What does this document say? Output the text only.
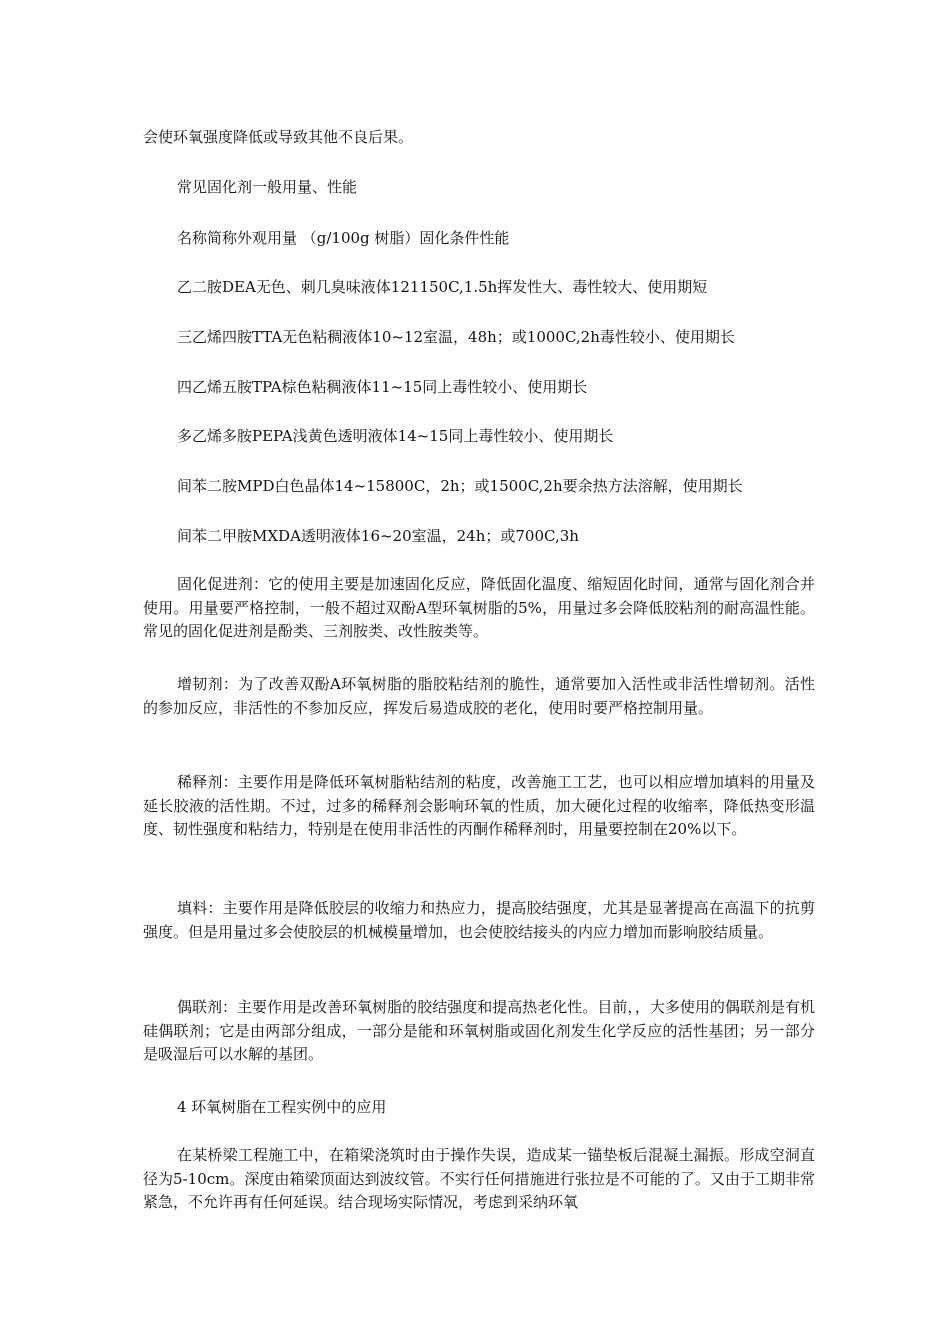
会使环氧强度降低或导致其他不良后果。
常见固化剂一般用量、性能
名称简称外观用量 （g/100g 树脂）固化条件性能
乙二胺DEA无色、刺几臭味液体121150C,1.5h挥发性大、毒性较大、使用期短
三乙烯四胺TTA无色粘稠液体10~12室温，48h；或1000C,2h毒性较小、使用期长
四乙烯五胺TPA棕色粘稠液体11~15同上毒性较小、使用期长
多乙烯多胺PEPA浅黄色透明液体14~15同上毒性较小、使用期长
间苯二胺MPD白色晶体14~15800C，2h；或1500C,2h要余热方法溶解，使用期长
间苯二甲胺MXDA透明液体16~20室温，24h；或700C,3h
固化促进剂：它的使用主要是加速固化反应，降低固化温度、缩短固化时间，通常与固化剂合并使用。用量要严格控制，一般不超过双酚A型环氧树脂的5%，用量过多会降低胶粘剂的耐高温性能。常见的固化促进剂是酚类、三剂胺类、改性胺类等。
增韧剂：为了改善双酚A环氧树脂的脂胶粘结剂的脆性，通常要加入活性或非活性增韧剂。活性的参加反应，非活性的不参加反应，挥发后易造成胶的老化，使用时要严格控制用量。
稀释剂：主要作用是降低环氧树脂粘结剂的粘度，改善施工工艺，也可以相应增加填料的用量及延长胶液的活性期。不过，过多的稀释剂会影响环氧的性质，加大硬化过程的收缩率，降低热变形温度、韧性强度和粘结力，特别是在使用非活性的丙酮作稀释剂时，用量要控制在20%以下。
填料：主要作用是降低胶层的收缩力和热应力，提高胶结强度，尤其是显著提高在高温下的抗剪强度。但是用量过多会使胶层的机械模量增加，也会使胶结接头的内应力增加而影响胶结质量。
偶联剂：主要作用是改善环氧树脂的胶结强度和提高热老化性。目前，，大多使用的偶联剂是有机硅偶联剂；它是由两部分组成，一部分是能和环氧树脂或固化剂发生化学反应的活性基团；另一部分是吸湿后可以水解的基团。
4 环氧树脂在工程实例中的应用
在某桥梁工程施工中，在箱梁浇筑时由于操作失误，造成某一锚垫板后混凝土漏振。形成空洞直径为5-10cm。深度由箱梁顶面达到波纹管。不实行任何措施进行张拉是不可能的了。又由于工期非常紧急，不允许再有任何延误。结合现场实际情况，考虑到采纳环氧
